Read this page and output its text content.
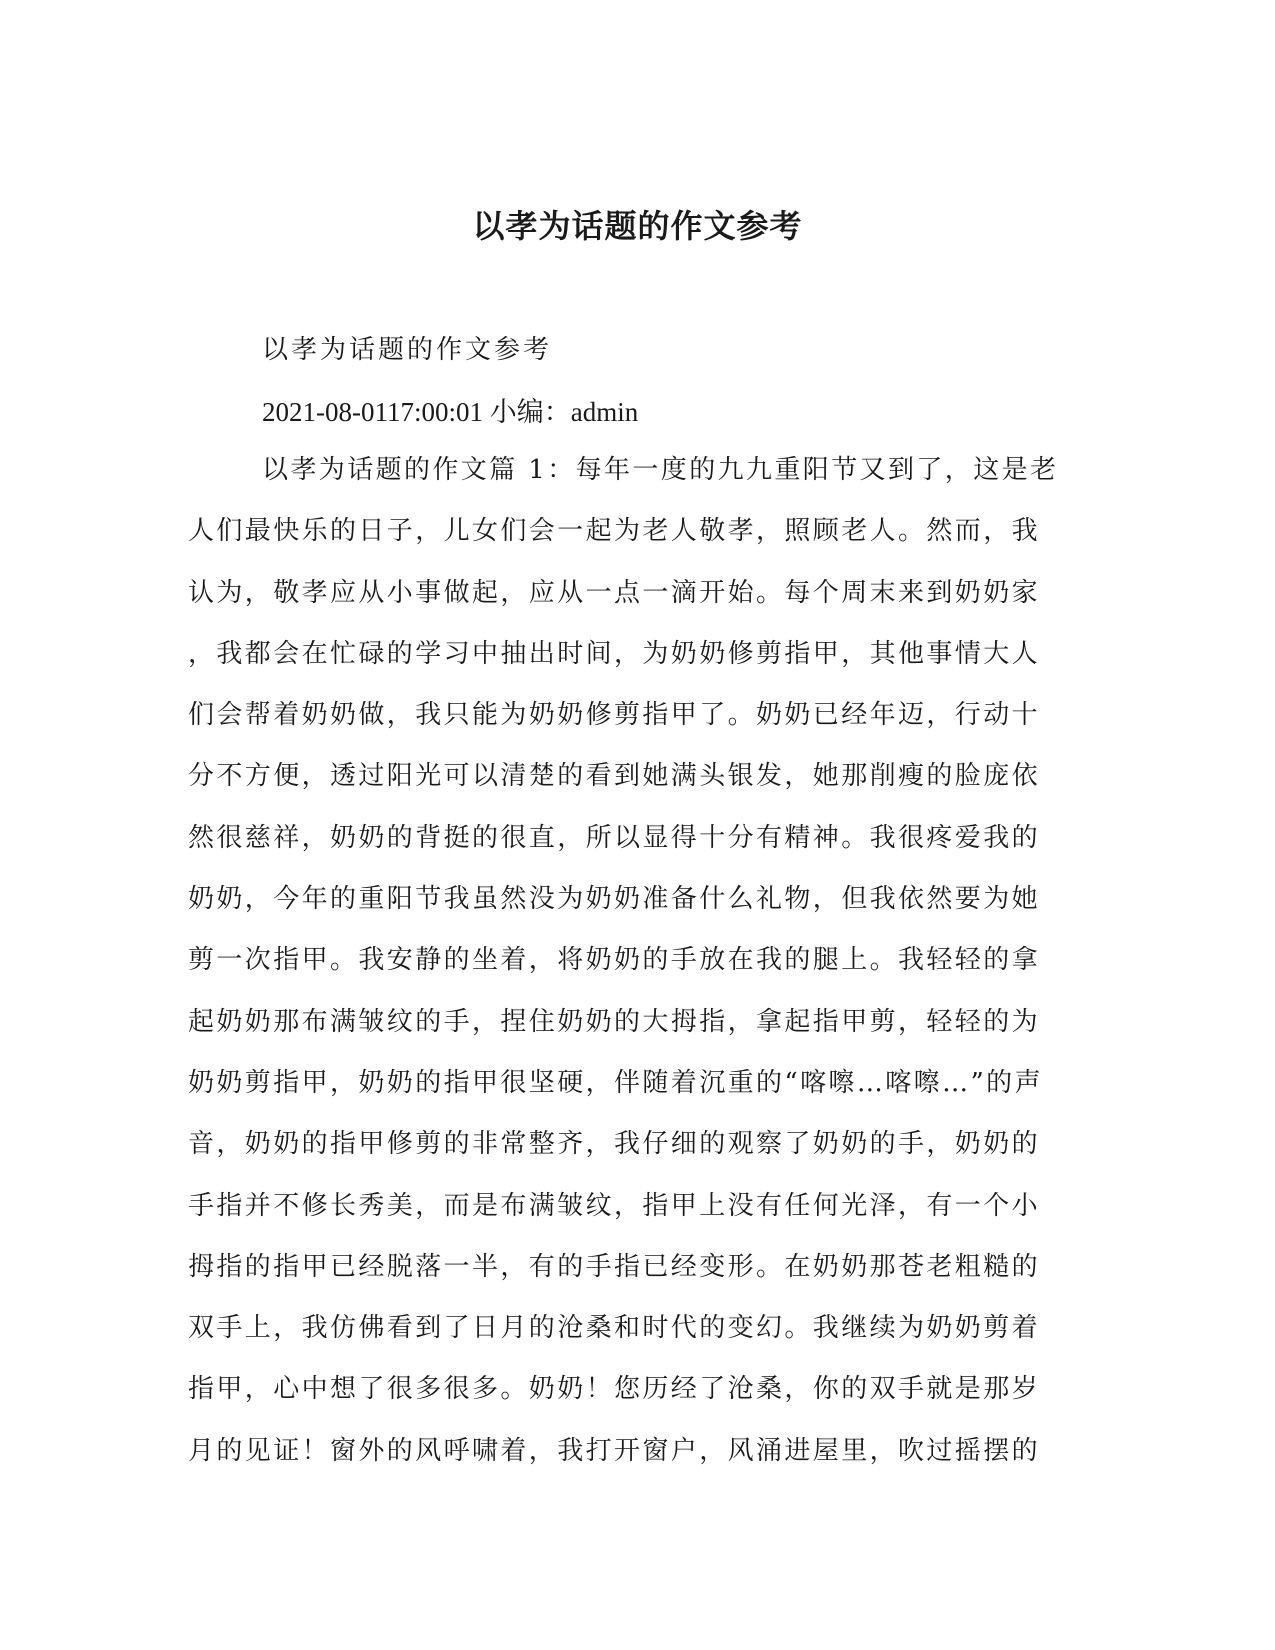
以孝为话题的作文参考
以孝为话题的作文参考
2021-08-0117:00:01 小编：admin
以孝为话题的作文篇 1：每年一度的九九重阳节又到了，这是老
人们最快乐的日子，儿女们会一起为老人敬孝，照顾老人。然而，我
认为，敬孝应从小事做起，应从一点一滴开始。每个周末来到奶奶家
，我都会在忙碌的学习中抽出时间，为奶奶修剪指甲，其他事情大人
们会帮着奶奶做，我只能为奶奶修剪指甲了。奶奶已经年迈，行动十
分不方便，透过阳光可以清楚的看到她满头银发，她那削瘦的脸庞依
然很慈祥，奶奶的背挺的很直，所以显得十分有精神。我很疼爱我的
奶奶，今年的重阳节我虽然没为奶奶准备什么礼物，但我依然要为她
剪一次指甲。我安静的坐着，将奶奶的手放在我的腿上。我轻轻的拿
起奶奶那布满皱纹的手，捏住奶奶的大拇指，拿起指甲剪，轻轻的为
奶奶剪指甲，奶奶的指甲很坚硬，伴随着沉重的“喀嚓…喀嚓…”的声
音，奶奶的指甲修剪的非常整齐，我仔细的观察了奶奶的手，奶奶的
手指并不修长秀美，而是布满皱纹，指甲上没有任何光泽，有一个小
拇指的指甲已经脱落一半，有的手指已经变形。在奶奶那苍老粗糙的
双手上，我仿佛看到了日月的沧桑和时代的变幻。我继续为奶奶剪着
指甲，心中想了很多很多。奶奶！您历经了沧桑，你的双手就是那岁
月的见证！窗外的风呼啸着，我打开窗户，风涌进屋里，吹过摇摆的
